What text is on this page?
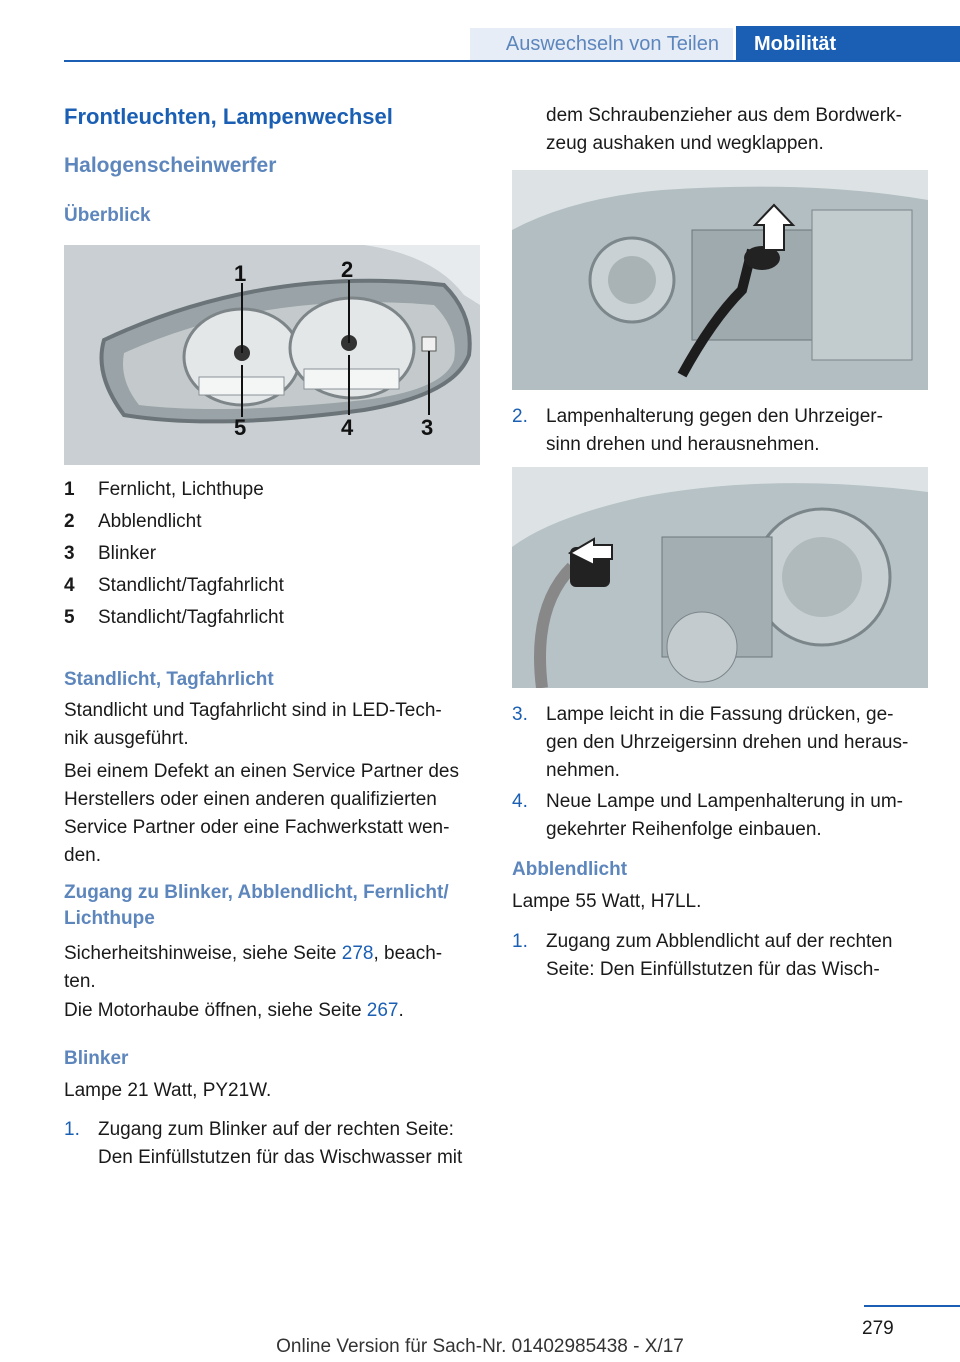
Auswechseln von Teilen	Mobilität
Frontleuchten, Lampenwechsel
Halogenscheinwerfer
Überblick
1	2
3
4
5
1 Fernlicht, Lichthupe
2 Abblendlicht
3 Blinker
4 Standlicht/Tagfahrlicht
5 Standlicht/Tagfahrlicht
Standlicht, Tagfahrlicht
Standlicht und Tagfahrlicht sind in LED-Tech‐
nik ausgeführt.
Bei einem Defekt an einen Service Partner des
Herstellers oder einen anderen qualifizierten
Service Partner oder eine Fachwerkstatt wen‐
den.
Zugang zu Blinker, Abblendlicht, Fernlicht/
Lichthupe
Sicherheitshinweise, siehe Seite 278, beach‐
ten.
Die Motorhaube öffnen, siehe Seite 267.
Blinker
Lampe 21 Watt, PY21W.
1. Zugang zum Blinker auf der rechten Seite:
Den Einfüllstutzen für das Wischwasser mit
dem Schraubenzieher aus dem Bordwerk‐
zeug aushaken und wegklappen.
2. Lampenhalterung gegen den Uhrzeiger‐
sinn drehen und herausnehmen.
3. Lampe leicht in die Fassung drücken, ge‐
gen den Uhrzeigersinn drehen und heraus‐
nehmen.
4. Neue Lampe und Lampenhalterung in um‐
gekehrter Reihenfolge einbauen.
Abblendlicht
Lampe 55 Watt, H7LL.
1. Zugang zum Abblendlicht auf der rechten
Seite: Den Einfüllstutzen für das Wisch‐
279
Online Version für Sach-Nr. 01402985438 - X/17
